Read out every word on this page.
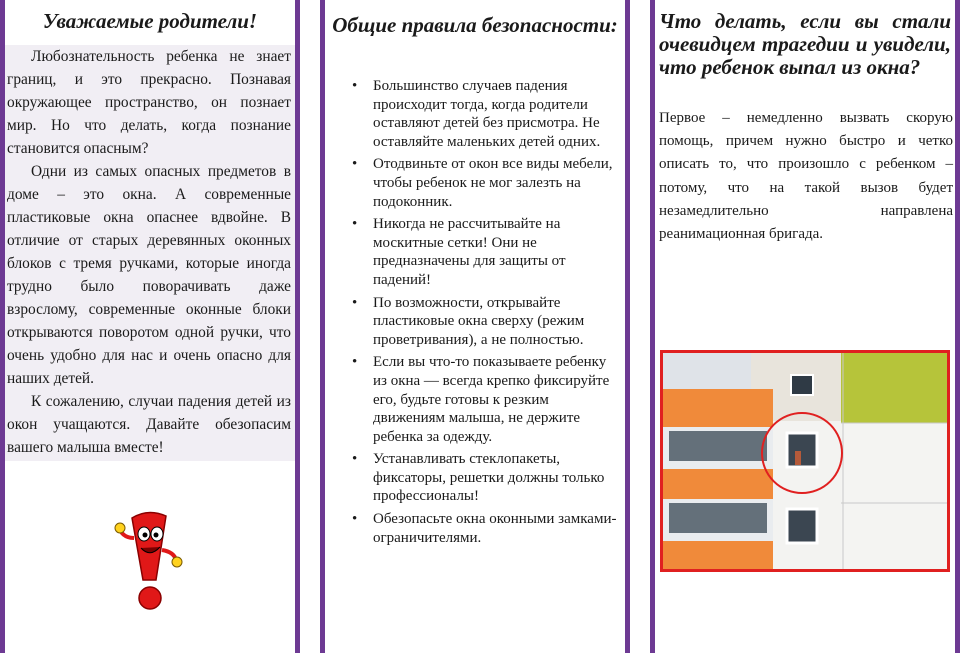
Уважаемые родители!

Любознательность ребенка не знает границ, и это прекрасно. Познавая окружающее пространство, он познает мир. Но что делать, когда познание становится опасным?

Одни из самых опасных предметов в доме – это окна. А современные пластиковые окна опаснее вдвойне. В отличие от старых деревянных оконных блоков с тремя ручками, которые иногда трудно было поворачивать даже взрослому, современные оконные блоки открываются поворотом одной ручки, что очень удобно для нас и очень опасно для наших детей.

К сожалению, случаи падения детей из окон учащаются. Давайте обезопасим вашего малыша вместе!

Общие правила безопасности:
• Большинство случаев падения происходит тогда, когда родители оставляют детей без присмотра. Не оставляйте маленьких детей одних.
• Отодвиньте от окон все виды мебели, чтобы ребенок не мог залезть на подоконник.
• Никогда не рассчитывайте на москитные сетки! Они не предназначены для защиты от падений!
• По возможности, открывайте пластиковые окна сверху (режим проветривания), а не полностью.
• Если вы что-то показываете ребенку из окна — всегда крепко фиксируйте его, будьте готовы к резким движениям малыша, не держите ребенка за одежду.
• Устанавливать стеклопакеты, фиксаторы, решетки должны только профессионалы!
• Обезопасьте окна оконными замками-ограничителями.
Что делать, если вы стали очевидцем трагедии и увидели, что ребенок выпал из окна?
Первое – немедленно вызвать скорую помощь, причем нужно быстро и четко описать то, что произошло с ребенком – потому, что на такой вызов будет незамедлительно направлена реанимационная бригада.
